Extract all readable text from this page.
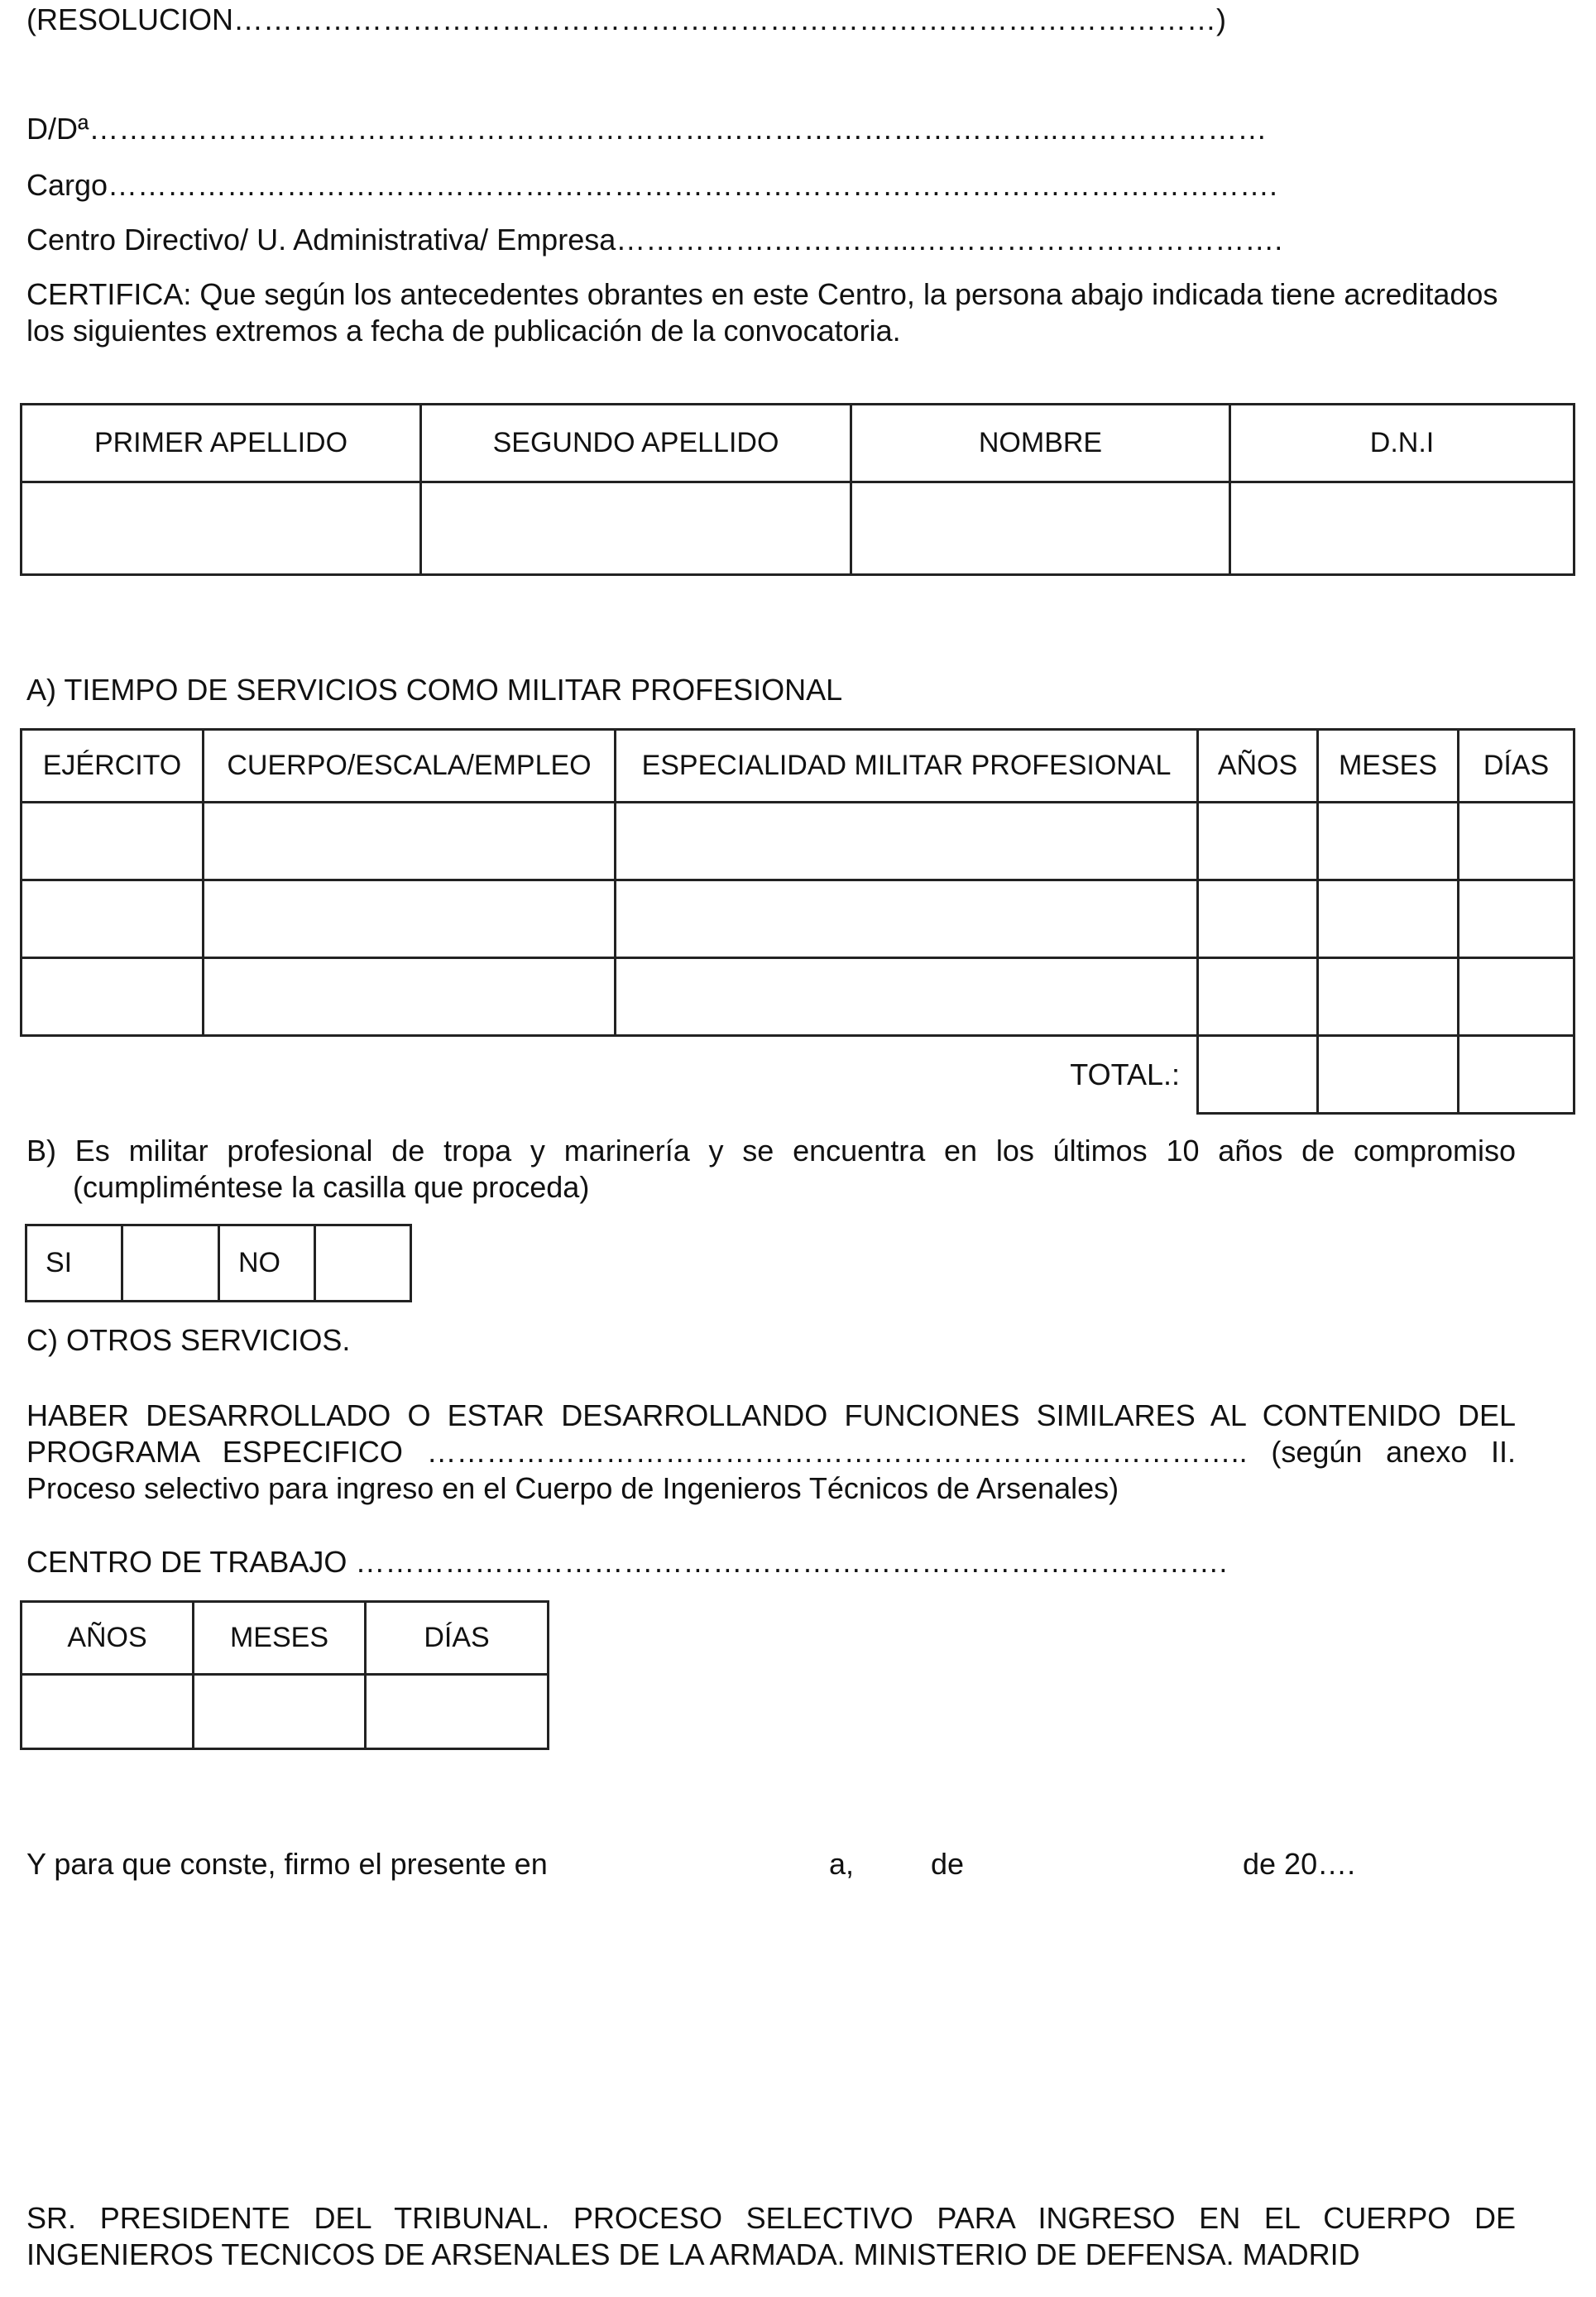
(RESOLUCION………………………………………………………………………………………)
D/Dª……………………………………………………………………………………..…………………
Cargo……………………………………………………………………………………………………….
Centro Directivo/ U. Administrativa/ Empresa…………….…………...……………………………….
CERTIFICA: Que según los antecedentes obrantes en este Centro, la persona abajo indicada tiene acreditados los siguientes extremos a fecha de publicación de la convocatoria.
PRIMER APELLIDO	SEGUNDO APELLIDO	NOMBRE	D.N.I

A) TIEMPO DE SERVICIOS COMO MILITAR PROFESIONAL
EJÉRCITO	CUERPO/ESCALA/EMPLEO	ESPECIALIDAD MILITAR PROFESIONAL	AÑOS	MESES	DÍAS

TOTAL.:					
B) Es militar profesional de tropa y marinería y se encuentra en los últimos 10 años de compromiso
(cumpliméntese la casilla que proceda)
SI		NO	
C) OTROS SERVICIOS.
HABER DESARROLLADO O ESTAR DESARROLLANDO FUNCIONES SIMILARES AL CONTENIDO DEL
PROGRAMA ESPECIFICO ……………………………………………………………………….. (según anexo II.
Proceso selectivo para ingreso en el Cuerpo de Ingenieros Técnicos de Arsenales)
CENTRO DE TRABAJO …………………………………………………………………………….
AÑOS	MESES	DÍAS

Y para que conste, firmo el presente en	a,	de	de 20….
SR. PRESIDENTE DEL TRIBUNAL. PROCESO SELECTIVO PARA INGRESO EN EL CUERPO DE
INGENIEROS TECNICOS DE ARSENALES DE LA ARMADA. MINISTERIO DE DEFENSA. MADRID
